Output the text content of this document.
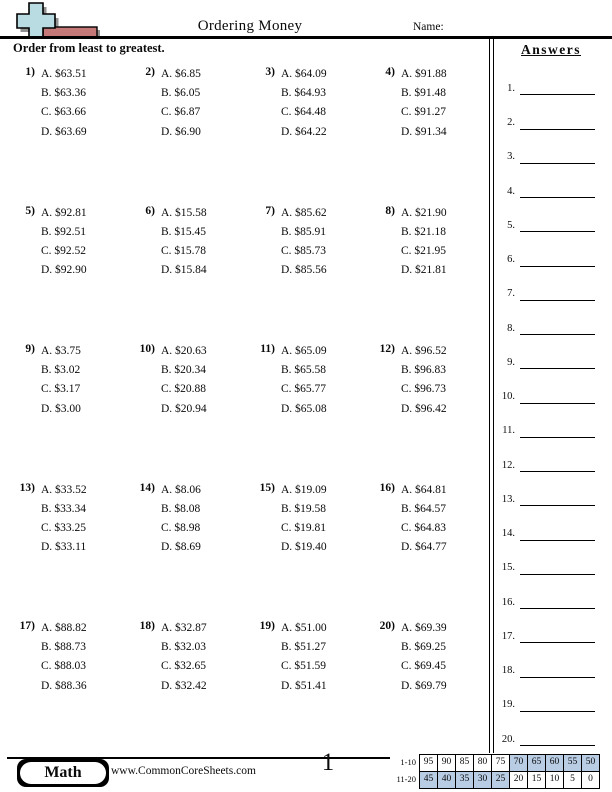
Ordering Money	Name:
Order from least to greatest.
1) A. $63.51
B. $63.36
C. $63.66
D. $63.69
2) A. $6.85
B. $6.05
C. $6.87
D. $6.90
3) A. $64.09
B. $64.93
C. $64.48
D. $64.22
4) A. $91.88
B. $91.48
C. $91.27
D. $91.34
5) A. $92.81
B. $92.51
C. $92.52
D. $92.90
6) A. $15.58
B. $15.45
C. $15.78
D. $15.84
7) A. $85.62
B. $85.91
C. $85.73
D. $85.56
8) A. $21.90
B. $21.18
C. $21.95
D. $21.81
9) A. $3.75
B. $3.02
C. $3.17
D. $3.00
10) A. $20.63
B. $20.34
C. $20.88
D. $20.94
11) A. $65.09
B. $65.58
C. $65.77
D. $65.08
12) A. $96.52
B. $96.83
C. $96.73
D. $96.42
13) A. $33.52
B. $33.34
C. $33.25
D. $33.11
14) A. $8.06
B. $8.08
C. $8.98
D. $8.69
15) A. $19.09
B. $19.58
C. $19.81
D. $19.40
16) A. $64.81
B. $64.57
C. $64.83
D. $64.77
17) A. $88.82
B. $88.73
C. $88.03
D. $88.36
18) A. $32.87
B. $32.03
C. $32.65
D. $32.42
19) A. $51.00
B. $51.27
C. $51.59
D. $51.41
20) A. $69.39
B. $69.25
C. $69.45
D. $69.79
Answers
1.
2.
3.
4.
5.
6.
7.
8.
9.
10.
11.
12.
13.
14.
15.
16.
17.
18.
19.
20.
Math	www.CommonCoreSheets.com	1	1-10 95 90 85 80 75 70 65 60 55 50
11-20 45 40 35 30 25 20 15 10	5	0
